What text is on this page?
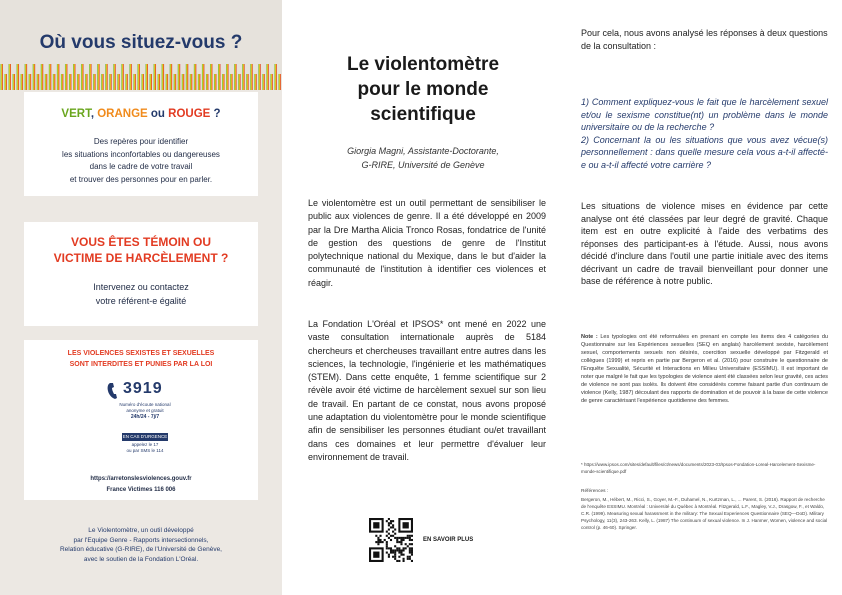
Où vous situez-vous ?
VERT, ORANGE ou ROUGE ?
Des repères pour identifier
les situations inconfortables ou dangereuses
dans le cadre de votre travail
et trouver des personnes pour en parler.
VOUS ÊTES TÉMOIN OU
VICTIME DE HARCÈLEMENT ?
Intervenez ou contactez
votre référent-e égalité
LES VIOLENCES SEXISTES ET SEXUELLES
SONT INTERDITES ET PUNIES PAR LA LOI
3919
Numéro d'écoute national
anonyme et gratuit
24h/24 - 7j/7
EN CAS D'URGENCE
appelez le 17
ou par SMS le 114
https://arretonslesviolences.gouv.fr
France Victimes 116 006
Le Violentomètre, un outil développé
par l'Equipe Genre - Rapports intersectionnels,
Relation éducative (G-RIRE), de l'Université de Genève,
avec le soutien de la Fondation L'Oréal.
Le violentomètre
pour le monde
scientifique
Giorgia Magni, Assistante-Doctorante,
G-RIRE, Université de Genève

Le violentomètre est un outil permettant de sensibiliser le public aux violences de genre. Il a été développé en 2009 par la Dre Martha Alicia Tronco Rosas, fondatrice de l'unité de gestion des questions de genre de l'Institut polytechnique national du Mexique, dans le but d'aider la communauté de l'institution à identifier ces violences et réagir.

La Fondation L'Oréal et IPSOS* ont mené en 2022 une vaste consultation internationale auprès de 5184 chercheurs et chercheuses travaillant entre autres dans les sciences, la technologie, l'ingénierie et les mathématiques (STEM). Dans cette enquête, 1 femme scientifique sur 2 révèle avoir été victime de harcèlement sexuel sur son lieu de travail. En partant de ce constat, nous avons proposé une adaptation du violentomètre pour le monde scientifique afin de sensibiliser les personnes étudiant ou/et travaillant dans ces domaines et leur permettre d'évaluer leur environnement de travail.

EN SAVOIR PLUS

Pour cela, nous avons analysé les réponses à deux questions de la consultation :

1) Comment expliquez-vous le fait que le harcèlement sexuel et/ou le sexisme constitue(nt) un problème dans le monde universitaire ou de la recherche ?

2) Concernant la ou les situations que vous avez vécue(s) personnellement : dans quelle mesure cela vous a-t-il affecté-e ou a-t-il affecté votre carrière ?

Les situations de violence mises en évidence par cette analyse ont été classées par leur degré de gravité. Chaque item est en outre explicité à l'aide des verbatims des réponses des participant-es à l'étude. Aussi, nous avons décidé d'inclure dans l'outil une partie initiale avec des items décrivant un cadre de travail bienveillant pour donner une base de référence à notre public.

Note : Les typologies ont été reformulées en prenant en compte les items des 4 catégories du Questionnaire sur les Expériences sexuelles (SEQ en anglais) harcèlement sexiste, harcèlement sexuel, comportements sexuels non désirés, coercition sexuelle développé par Fitzgerald et collègues (1999) et repris en partie par Bergeron et al. (2016) pour construire le questionnaire de l'Enquête Sexualité, Sécurité et Interactions en Milieu Universitaire (ESSIMU). Il est important de noter que malgré le fait que les typologies de violence aient été classées selon leur gravité, ces actes de violence ne sont pas isolés. Ils doivent être considérés comme faisant partie d'un continuum de violence (Kelly, 1987) découlant des rapports de domination et de pouvoir à la base de cette violence de genre caractérisant l'expérience quotidienne des femmes.

* https://www.ipsos.com/sites/default/files/ct/news/documents/2023-03/Ipsos-Fondation-Loreal-Harcelement-Sexisme-monde-scientifique.pdf

Références :

Bergeron, M., Hébert, M., Ricci, S., Goyer, M.-F., Duhamel, N., Kurtzman, L., ... Parent, S. (2016). Rapport de recherche de l'enquête ESSIMU. Montréal : Université du Québec à Montréal. Fitzgerald, L.F., Magley, V.J., Drasgow, F., et Waldo, C.R. (1999). Measuring sexual harassment in the military: The Sexual Experiences Questionnaire (SEQ—DoD). Military Psychology, 11(3), 243-263. Kelly, L. (1987) The continuum of sexual violence. In J. Hanmer, Women, violence and social control (p. 46-60). Springer.
